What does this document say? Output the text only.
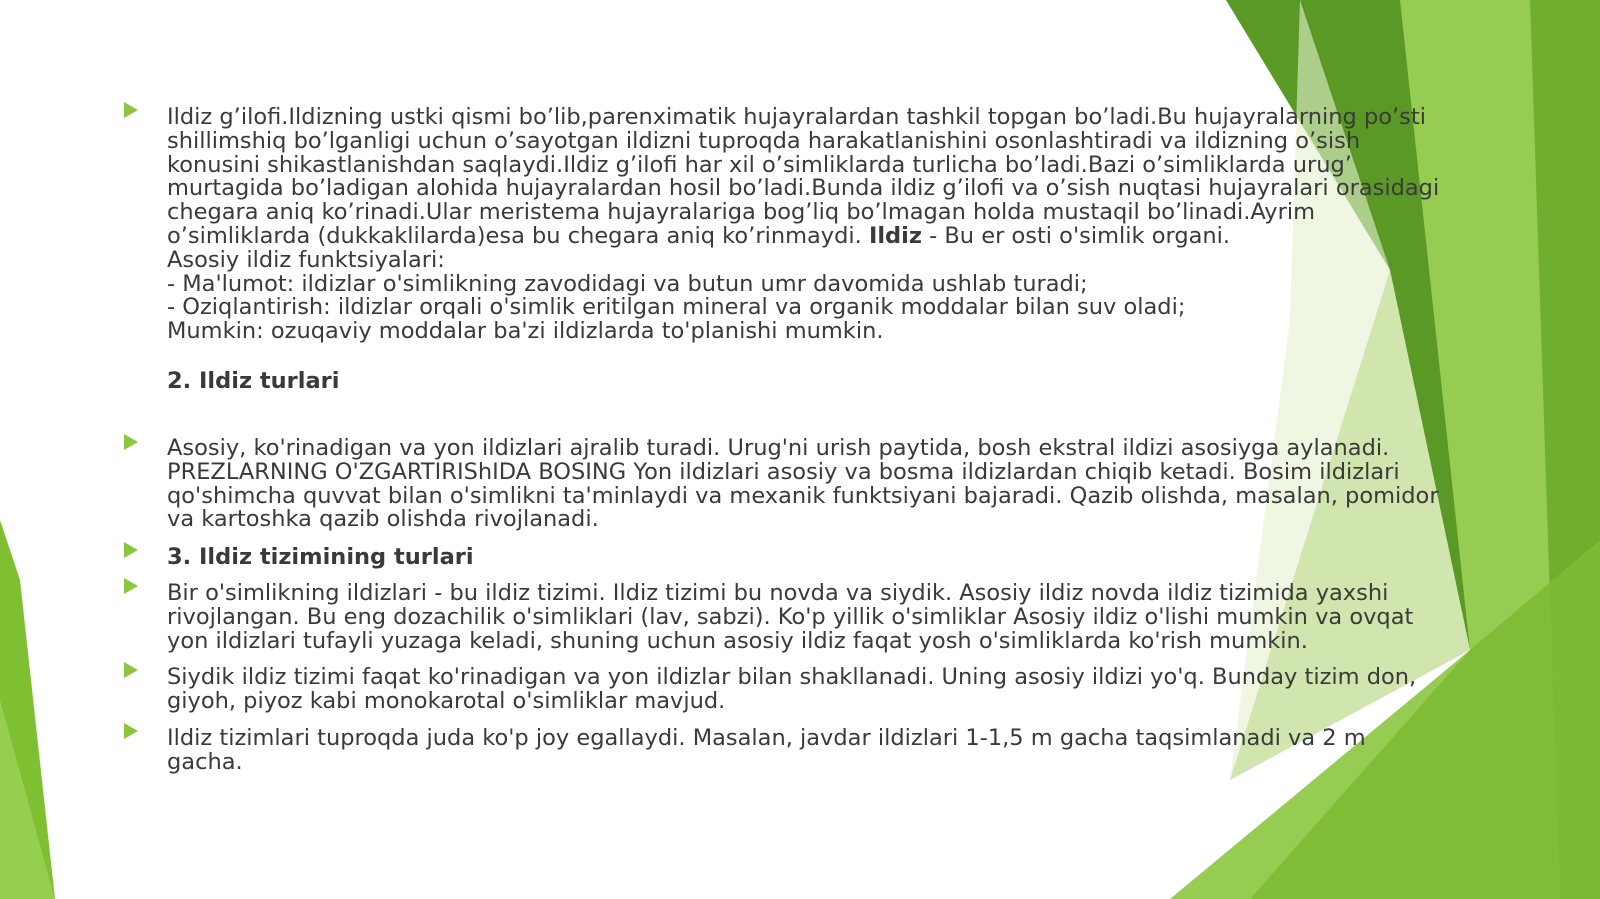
Ildiz g’ilofi.Ildizning ustki qismi bo’lib,parenximatik hujayralardan tashkil topgan bo’ladi.Bu hujayralarning po’sti
shillimshiq bo’lganligi uchun o’sayotgan ildizni tuproqda harakatlanishini osonlashtiradi va ildizning o’sish
konusini shikastlanishdan saqlaydi.Ildiz g’ilofi har xil o’simliklarda turlicha bo’ladi.Bazi o’simliklarda urug’
murtagida bo’ladigan alohida hujayralardan hosil bo’ladi.Bunda ildiz g’ilofi va o’sish nuqtasi hujayralari orasidagi
chegara aniq ko’rinadi.Ular meristema hujayralariga bog’liq bo’lmagan holda mustaqil bo’linadi.Ayrim
o’simliklarda (dukkaklilarda)esa bu chegara aniq ko’rinmaydi. Ildiz - Bu er osti o'simlik organi.
Asosiy ildiz funktsiyalari:
- Ma'lumot: ildizlar o'simlikning zavodidagi va butun umr davomida ushlab turadi;
- Oziqlantirish: ildizlar orqali o'simlik eritilgan mineral va organik moddalar bilan suv oladi;
Mumkin: ozuqaviy moddalar ba'zi ildizlarda to'planishi mumkin.
2. Ildiz turlari
Asosiy, ko'rinadigan va yon ildizlari ajralib turadi. Urug'ni urish paytida, bosh ekstral ildizi asosiyga aylanadi.
PREZLARNING O'ZGARTIRIShIDA BOSING Yon ildizlari asosiy va bosma ildizlardan chiqib ketadi. Bosim ildizlari
qo'shimcha quvvat bilan o'simlikni ta'minlaydi va mexanik funktsiyani bajaradi. Qazib olishda, masalan, pomidor
va kartoshka qazib olishda rivojlanadi.
3. Ildiz tizimining turlari
Bir o'simlikning ildizlari - bu ildiz tizimi. Ildiz tizimi bu novda va siydik. Asosiy ildiz novda ildiz tizimida yaxshi
rivojlangan. Bu eng dozachilik o'simliklari (lav, sabzi). Ko'p yillik o'simliklar Asosiy ildiz o'lishi mumkin va ovqat
yon ildizlari tufayli yuzaga keladi, shuning uchun asosiy ildiz faqat yosh o'simliklarda ko'rish mumkin.
Siydik ildiz tizimi faqat ko'rinadigan va yon ildizlar bilan shakllanadi. Uning asosiy ildizi yo'q. Bunday tizim don,
giyoh, piyoz kabi monokarotal o'simliklar mavjud.
Ildiz tizimlari tuproqda juda ko'p joy egallaydi. Masalan, javdar ildizlari 1-1,5 m gacha taqsimlanadi va 2 m
gacha.
